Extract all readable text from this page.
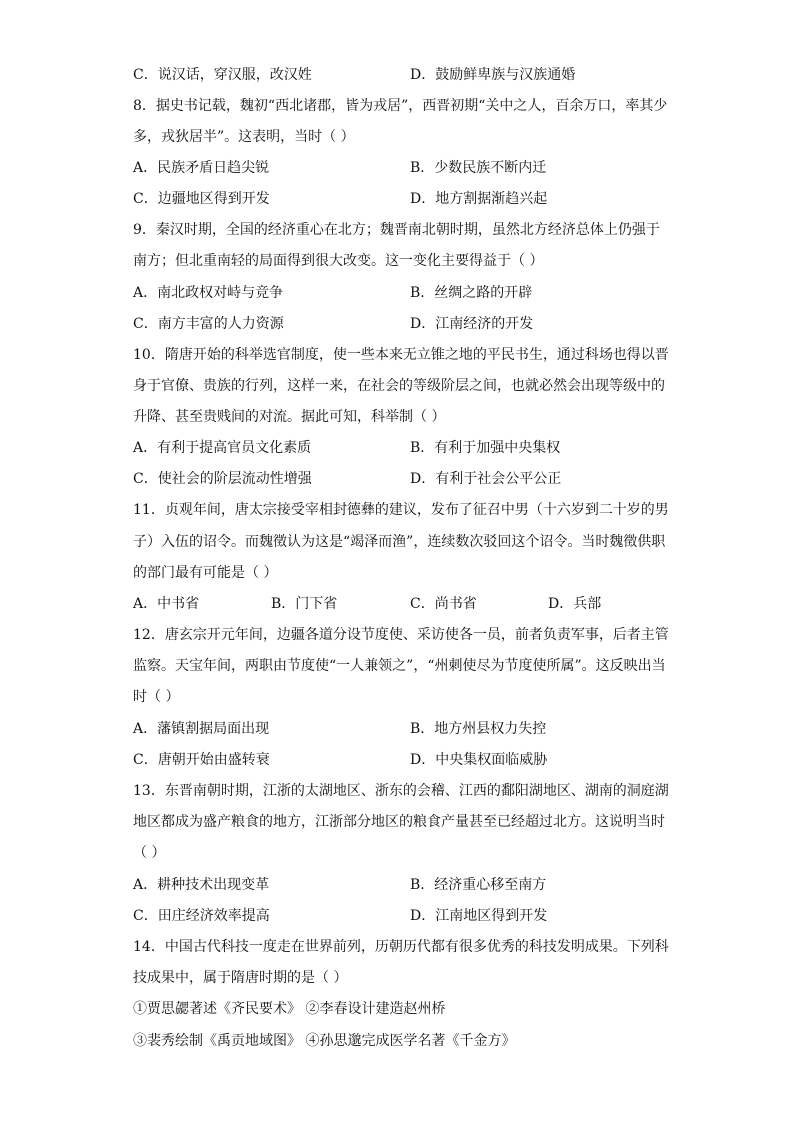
C．说汉话，穿汉服，改汉姓	D．鼓励鲜卑族与汉族通婚
8．据史书记载，魏初“西北诸郡，皆为戎居”，西晋初期“关中之人，百余万口，率其少
多，戎狄居半”。这表明，当时（ ）
A．民族矛盾日趋尖锐	B．少数民族不断内迁
C．边疆地区得到开发	D．地方割据渐趋兴起
9．秦汉时期，全国的经济重心在北方；魏晋南北朝时期，虽然北方经济总体上仍强于
南方；但北重南轻的局面得到很大改变。这一变化主要得益于（ ）
A．南北政权对峙与竞争	B．丝绸之路的开辟
C．南方丰富的人力资源	D．江南经济的开发
10．隋唐开始的科举选官制度，使一些本来无立锥之地的平民书生，通过科场也得以晋
身于官僚、贵族的行列，这样一来，在社会的等级阶层之间，也就必然会出现等级中的
升降、甚至贵贱间的对流。据此可知，科举制（ ）
A．有利于提高官员文化素质	B．有利于加强中央集权
C．使社会的阶层流动性增强	D．有利于社会公平公正
11．贞观年间，唐太宗接受宰相封德彝的建议，发布了征召中男（十六岁到二十岁的男
子）入伍的诏令。而魏徵认为这是“竭泽而渔”，连续数次驳回这个诏令。当时魏徵供职
的部门最有可能是（ ）
A．中书省	B．门下省	C．尚书省	D．兵部
12．唐玄宗开元年间，边疆各道分设节度使、采访使各一员，前者负责军事，后者主管
监察。天宝年间，两职由节度使“一人兼领之”，“州刺使尽为节度使所属”。这反映出当
时（ ）
A．藩镇割据局面出现	B．地方州县权力失控
C．唐朝开始由盛转衰	D．中央集权面临威胁
13．东晋南朝时期，江浙的太湖地区、浙东的会稽、江西的鄱阳湖地区、湖南的洞庭湖
地区都成为盛产粮食的地方，江浙部分地区的粮食产量甚至已经超过北方。这说明当时
（ ）
A．耕种技术出现变革	B．经济重心移至南方
C．田庄经济效率提高	D．江南地区得到开发
14．中国古代科技一度走在世界前列，历朝历代都有很多优秀的科技发明成果。下列科
技成果中，属于隋唐时期的是（ ）
①贾思勰著述《齐民要术》 ②李春设计建造赵州桥
③裴秀绘制《禹贡地域图》 ④孙思邈完成医学名著《千金方》
